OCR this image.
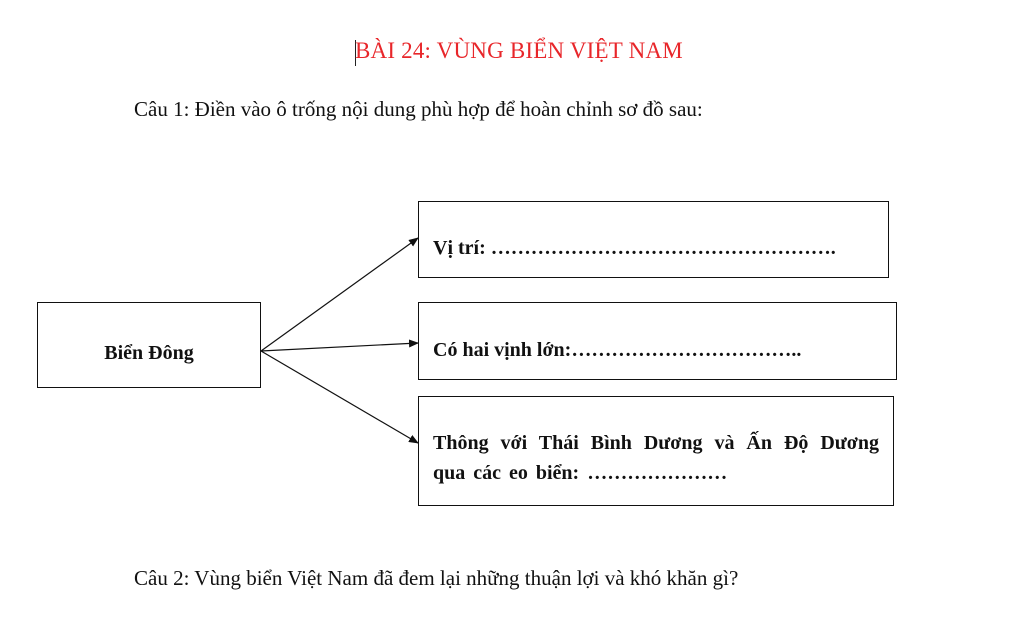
BÀI 24: VÙNG BIỂN VIỆT NAM
Câu 1: Điền vào ô trống nội dung phù hợp để hoàn chỉnh sơ đồ sau:
Biển Đông
Vị trí: …………………………………………….
Có hai vịnh lớn:……………………………..
Thông với Thái Bình Dương và Ấn Độ Dương qua các eo biển: …………………
Câu 2: Vùng biển Việt Nam đã đem lại những thuận lợi và khó khăn gì?
